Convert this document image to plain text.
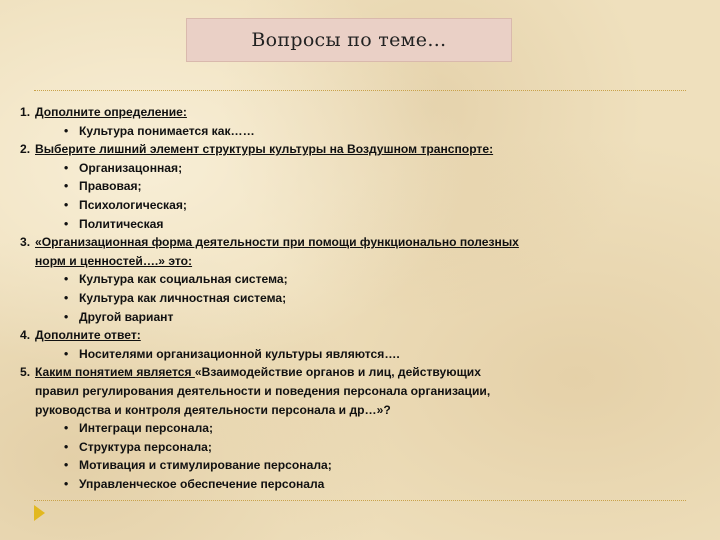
Вопросы по теме…
1. Дополните определение:
• Культура понимается как……
2. Выберите лишний элемент структуры культуры на Воздушном транспорте:
• Организацонная;
• Правовая;
• Психологическая;
• Политическая
3. «Организационная форма деятельности при помощи функционально полезных
норм и ценностей….» это:
• Культура как социальная система;
• Культура как личностная система;
• Другой вариант
4. Дополните ответ:
• Носителями организационной культуры являются….
5. Каким понятием является «Взаимодействие органов и лиц, действующих
правил регулирования деятельности и поведения персонала организации,
руководства и контроля деятельности персонала и др…»?
• Интеграци персонала;
• Структура персонала;
• Мотивация и стимулирование персонала;
• Управленческое обеспечение персонала
